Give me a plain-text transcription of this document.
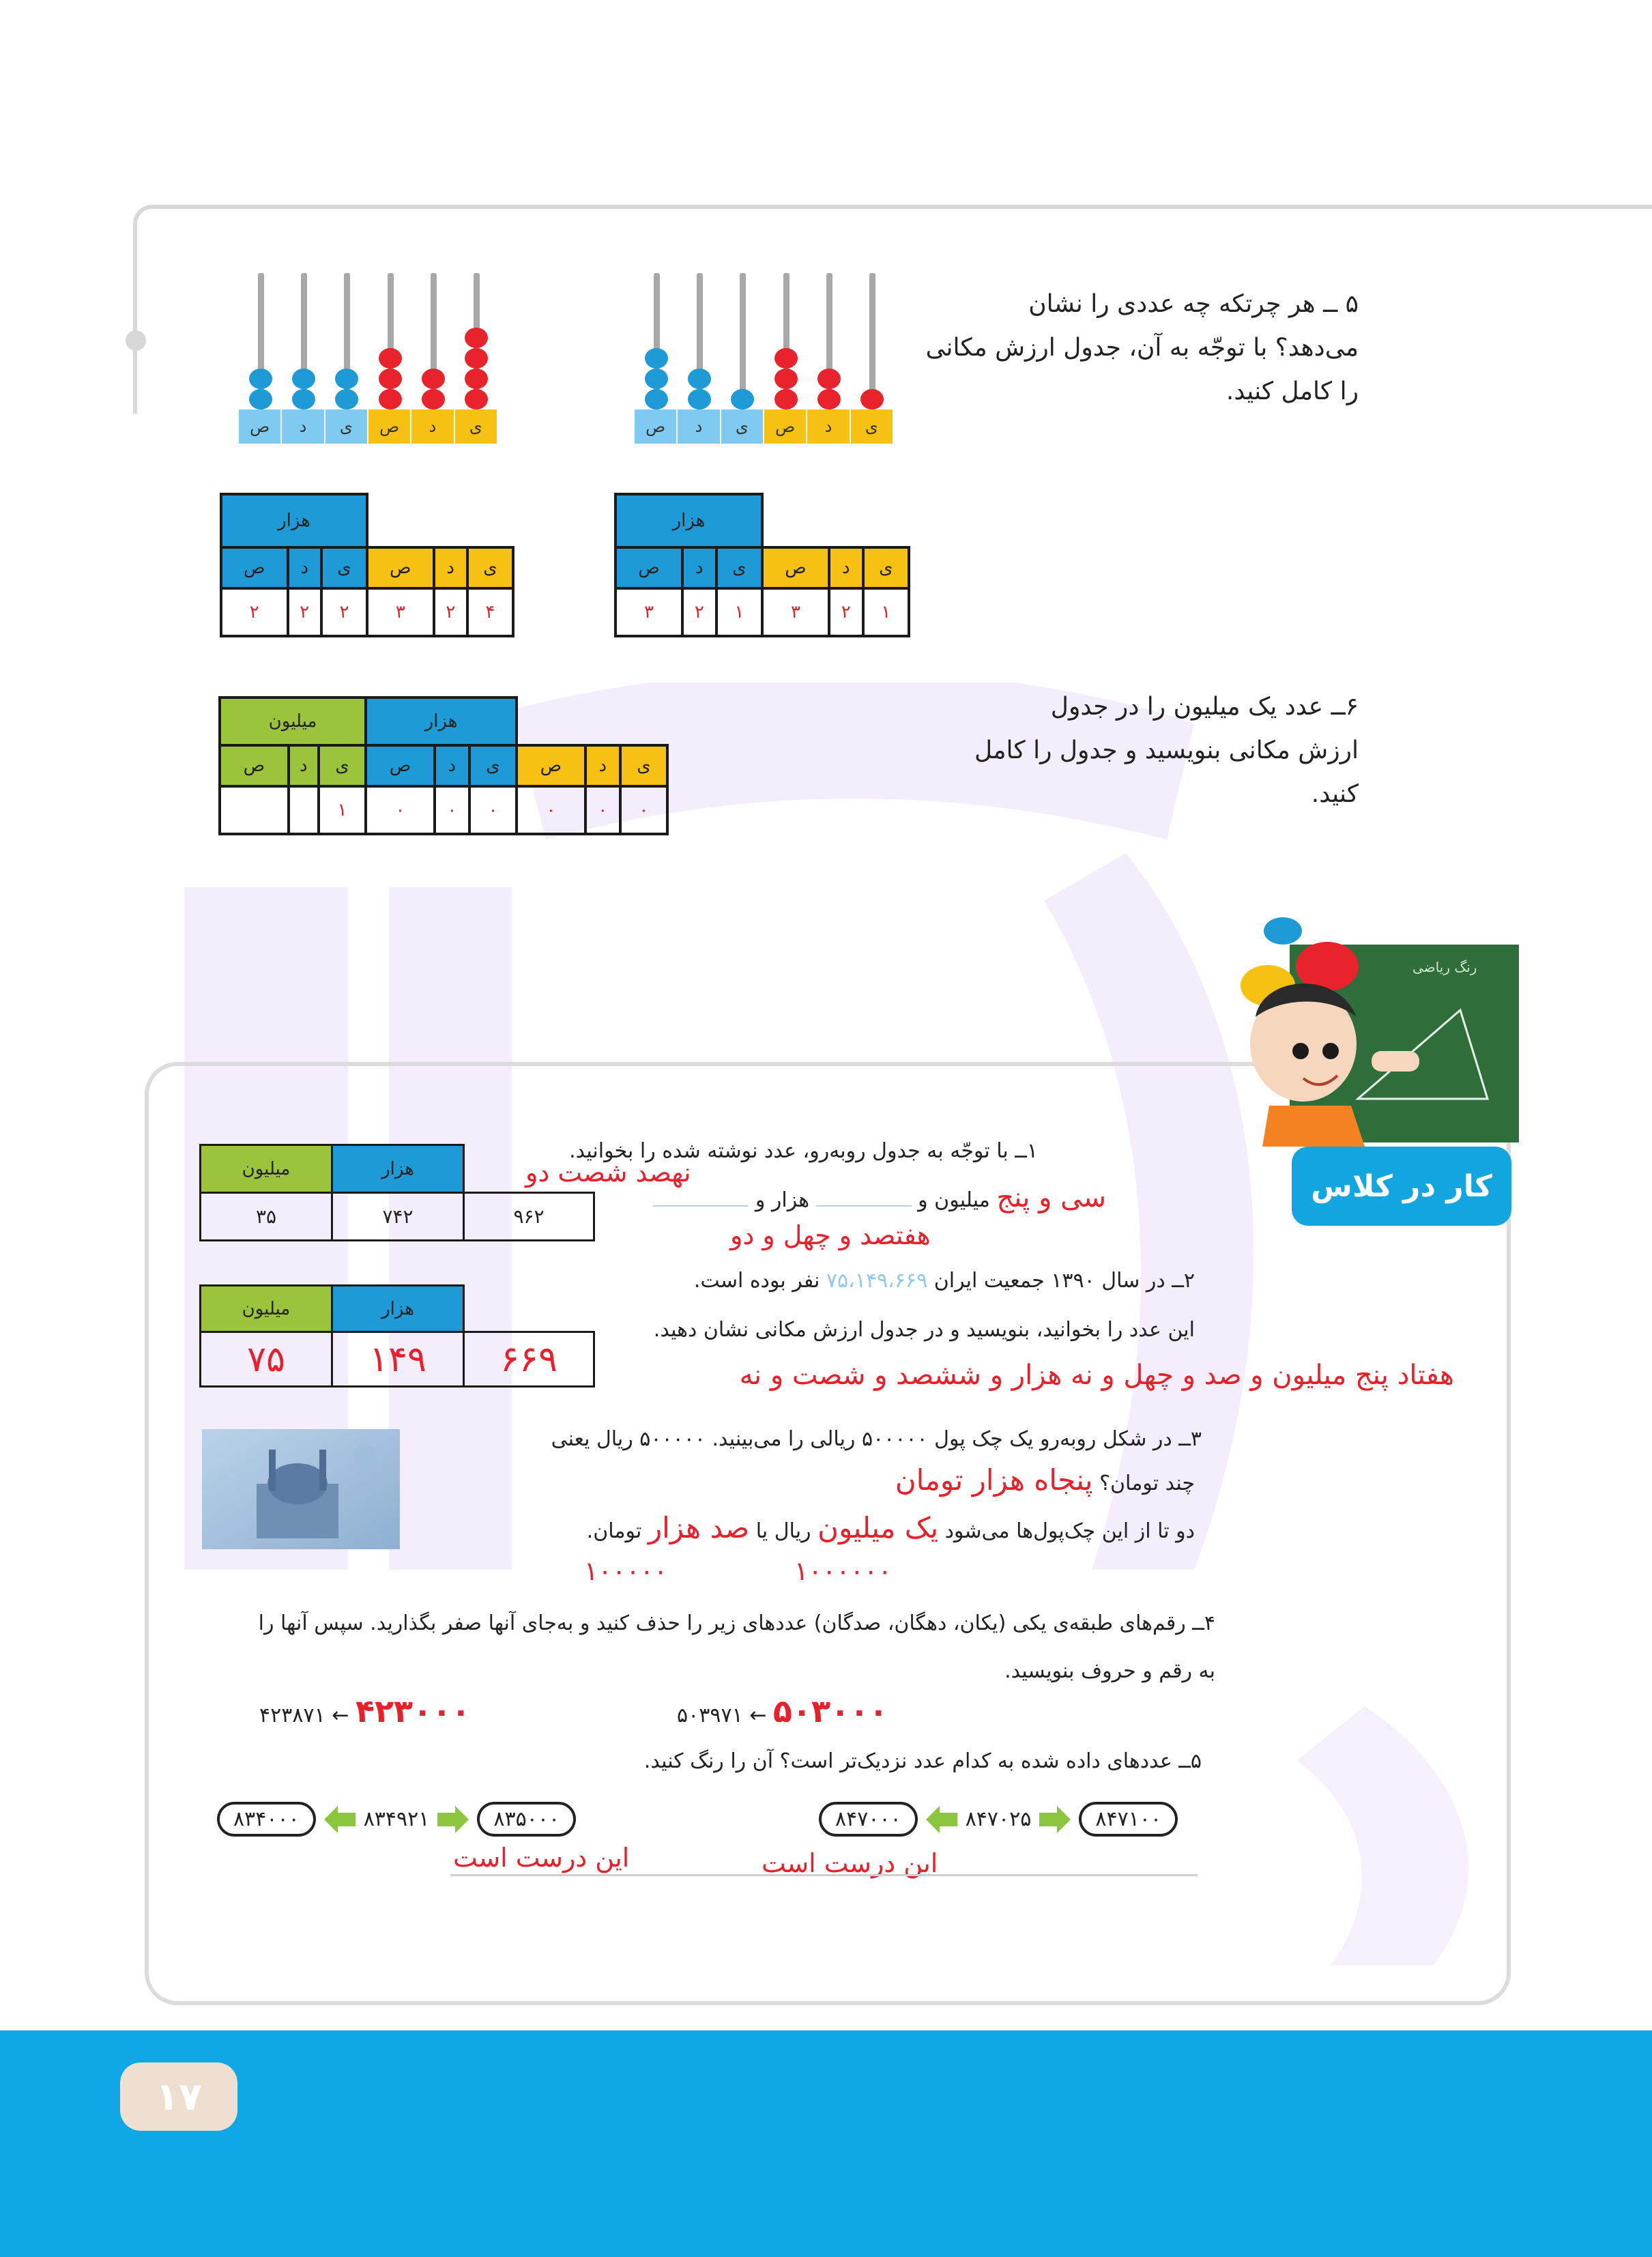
۵ ــ هر چرتکه چه عددی را نشان
می‌دهد؟ با توجّه به آن، جدول ارزش مکانی
را کامل کنید.
ص	د	ی	ص	د	ی	ص	د	ی	ص	د	ی
هزار					
ص	د	ی	ص	د	ی
۲	۲	۲	۳	۲	۴
هزار					
ص	د	ی	ص	د	ی
۳	۲	۱	۳	۲	۱
۶ــ عدد یک میلیون را در جدول
ارزش مکانی بنویسید و جدول را کامل کنید.
میلیون			هزار					
ص	د	ی	ص	د	ی	ص	د	ی
		۱	۰	۰	۰	۰	۰	۰
رنگ ریاضی
کار در کلاس
۱ــ با توجّه به جدول روبه‌رو، عدد نوشته شده را بخوانید.
سی و پنج میلیون و  هزار و
نهصد شصت دو
هفتصد و چهل و دو
میلیون	هزار	
۳۵	۷۴۲	۹۶۲
۲ــ در سال ۱۳۹۰ جمعیت ایران ۷۵،۱۴۹،۶۶۹ نفر بوده است.
این عدد را بخوانید، بنویسید و در جدول ارزش مکانی نشان دهید.
هفتاد پنج میلیون و صد و چهل و نه هزار و ششصد و شصت و نه
میلیون	هزار	
۷۵	۱۴۹	۶۶۹
۳ــ در شکل روبه‌رو یک چک پول ۵۰۰۰۰۰ ریالی را می‌بینید. ۵۰۰۰۰۰ ریال یعنی
چند تومان؟ پنجاه هزار تومان
دو تا از این چک‌پول‌ها می‌شود یک میلیون ریال یا صد هزار تومان.
۱۰۰۰۰۰	۱۰۰۰۰۰۰
۴ــ رقم‌های طبقه‌ی یکی (یکان، دهگان، صدگان) عددهای زیر را حذف کنید و به‌جای آنها صفر بگذارید. سپس آنها را
به رقم و حروف بنویسید.
۴۲۳۸۷۱ ← ۴۲۳۰۰۰	۵۰۳۹۷۱ ← ۵۰۳۰۰۰
۵ــ عددهای داده شده به کدام عدد نزدیک‌تر است؟ آن را رنگ کنید.
۸۳۴۰۰۰	۸۳۴۹۲۱	۸۳۵۰۰۰	۸۴۷۰۰۰	۸۴۷۰۲۵	۸۴۷۱۰۰
این درست است	این درست است
۱۷
